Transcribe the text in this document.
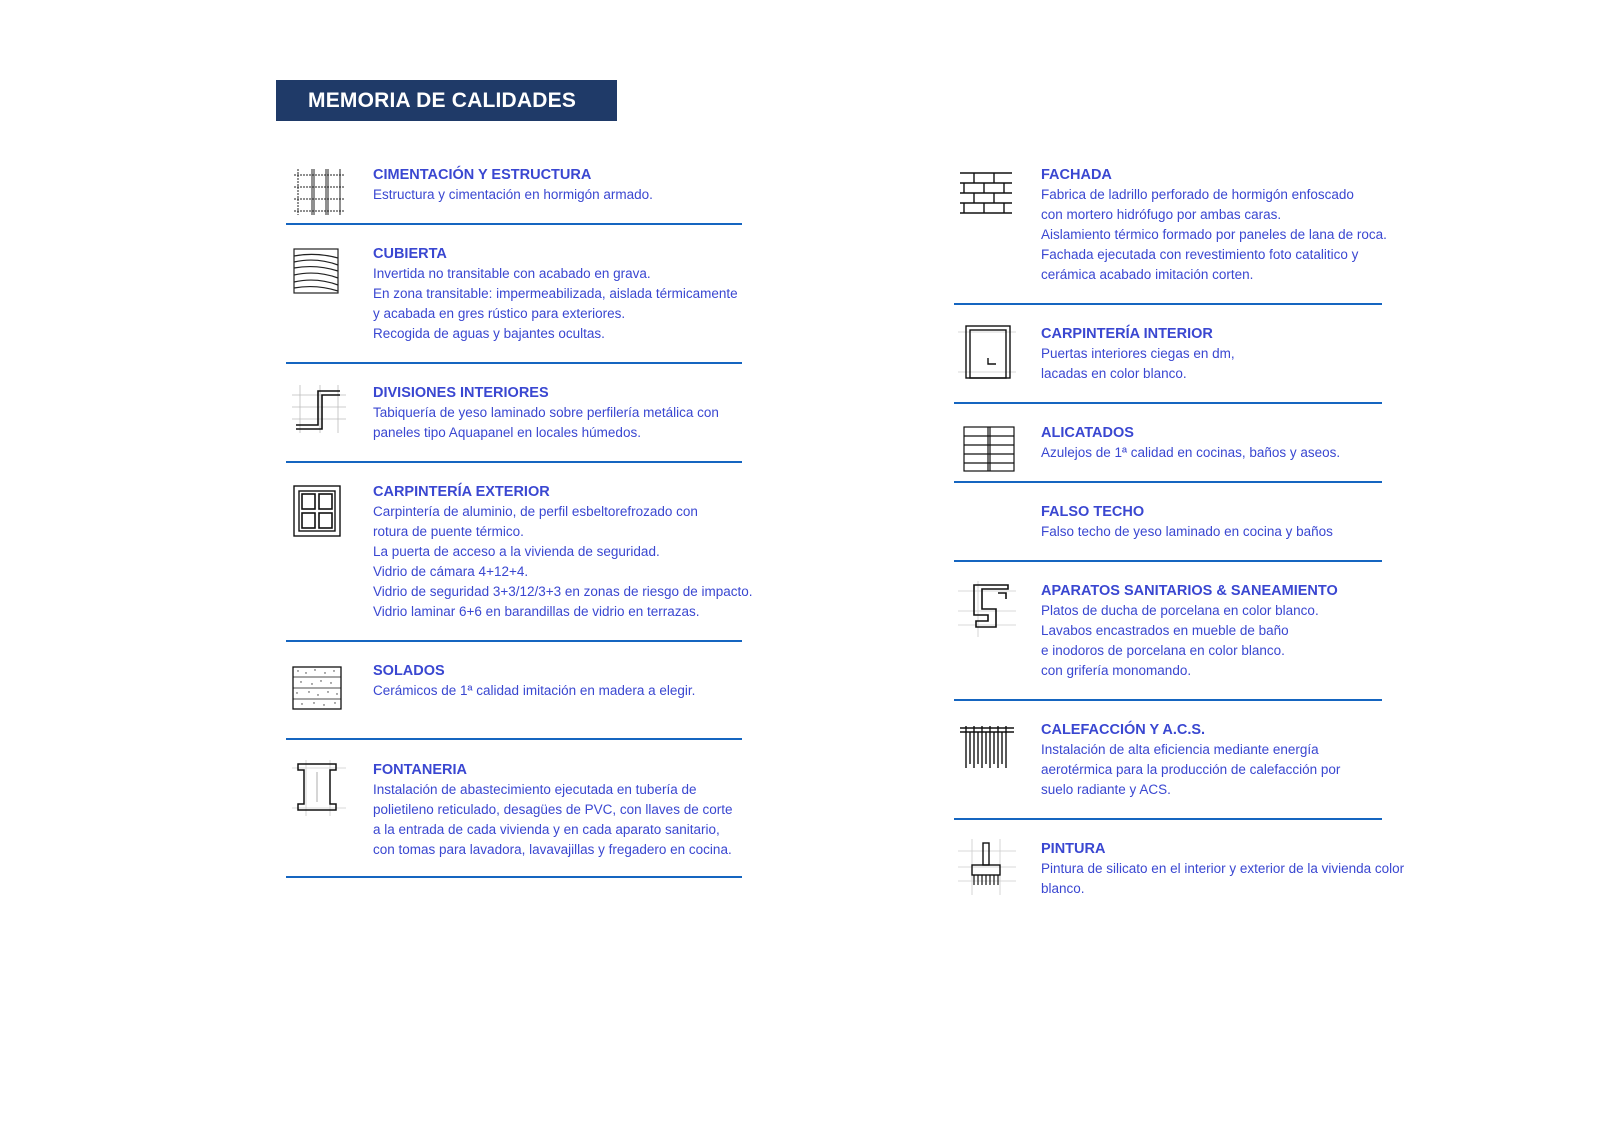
MEMORIA DE CALIDADES

CIMENTACIÓN Y ESTRUCTURA

Estructura y cimentación en hormigón armado.

CUBIERTA

Invertida no transitable con acabado en grava.

En zona transitable: impermeabilizada, aislada térmicamente

y acabada en gres rústico para exteriores.

Recogida de aguas y bajantes ocultas.

DIVISIONES INTERIORES

Tabiquería de yeso laminado sobre perfilería metálica con

paneles tipo Aquapanel en locales húmedos.

CARPINTERÍA EXTERIOR

Carpintería de aluminio, de perfil esbeltorefrozado con

rotura de puente térmico.

La puerta de acceso a la vivienda de seguridad.

Vidrio de cámara 4+12+4.

Vidrio de seguridad 3+3/12/3+3 en zonas de riesgo de impacto.

Vidrio laminar 6+6 en barandillas de vidrio en terrazas.

SOLADOS

Cerámicos de 1ª calidad imitación en madera a elegir.

FONTANERIA

Instalación de abastecimiento ejecutada en tubería de

polietileno reticulado, desagües de PVC, con llaves de corte

a la entrada de cada vivienda y en cada aparato sanitario,

con tomas para lavadora, lavavajillas y fregadero en cocina.

FACHADA

Fabrica de ladrillo perforado de hormigón enfoscado

con mortero hidrófugo por ambas caras.

Aislamiento térmico formado por paneles de lana de roca.

Fachada ejecutada con revestimiento foto catalitico y

cerámica acabado imitación corten.

CARPINTERÍA INTERIOR

Puertas interiores ciegas en dm,

lacadas en color blanco.

ALICATADOS

Azulejos de 1ª calidad en cocinas, baños y aseos.

FALSO TECHO

Falso techo de yeso laminado en cocina y baños

APARATOS SANITARIOS & SANEAMIENTO

Platos de ducha de porcelana en color blanco.

Lavabos encastrados en mueble de baño

e inodoros de porcelana en color blanco.

con grifería monomando.

CALEFACCIÓN Y A.C.S.

Instalación de alta eficiencia mediante energía

aerotérmica para la producción de calefacción por

suelo radiante y ACS.

PINTURA

Pintura de silicato en el interior y exterior de la vivienda color

blanco.
